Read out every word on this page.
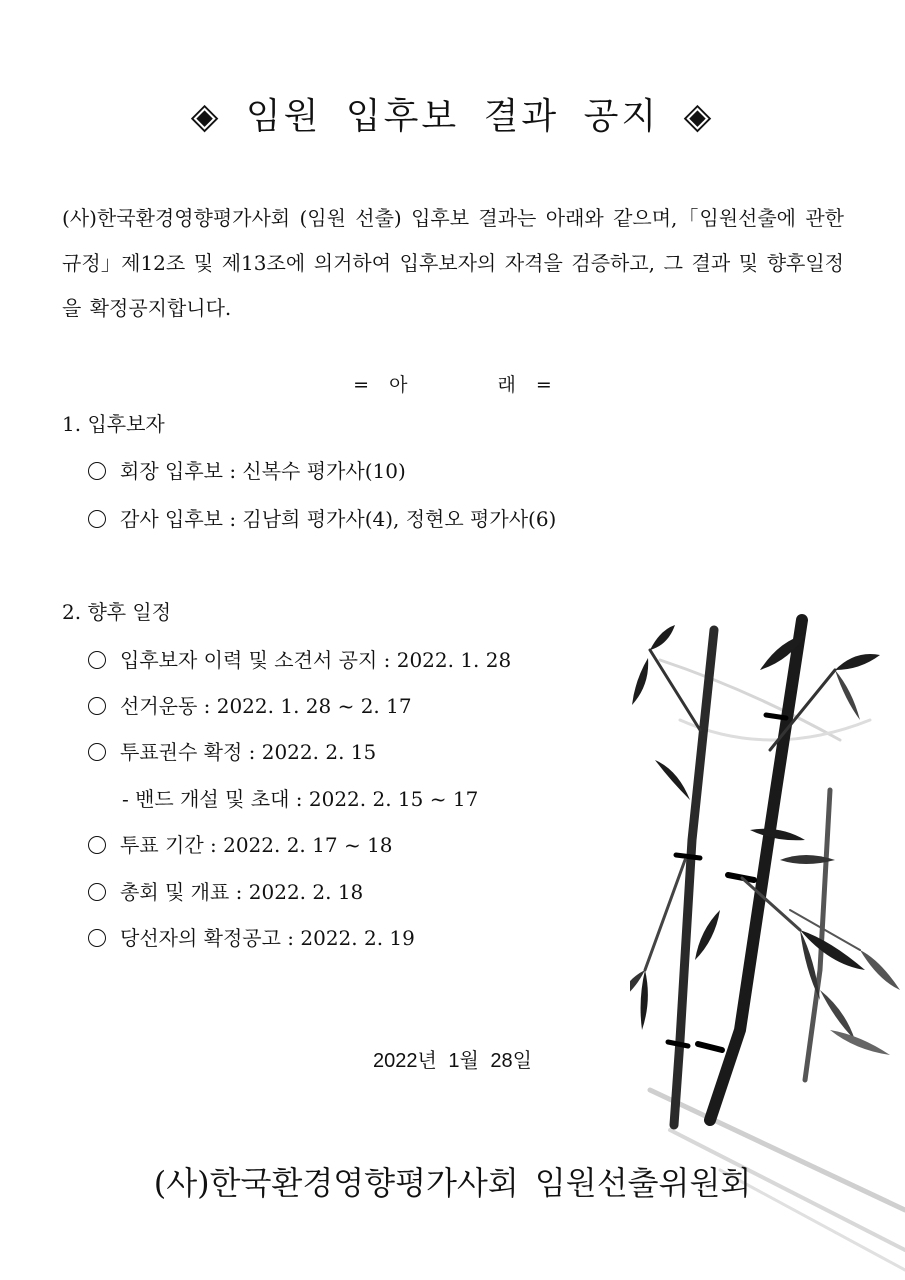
◈ 임원 입후보 결과 공지 ◈
(사)한국환경영향평가사회 (임원 선출) 입후보 결과는 아래와 같으며,「임원선출에 관한 규정」제12조 및 제13조에 의거하여 입후보자의 자격을 검증하고, 그 결과 및 향후일정을 확정공지합니다.
= 아	래 =
1. 입후보자
회장 입후보 : 신복수 평가사(10)
감사 입후보 : 김남희 평가사(4), 정현오 평가사(6)
2. 향후 일정
입후보자 이력 및 소견서 공지 : 2022. 1. 28
선거운동 : 2022. 1. 28 ~ 2. 17
투표권수 확정 : 2022. 2. 15
- 밴드 개설 및 초대 : 2022. 2. 15 ~ 17
투표 기간 : 2022. 2. 17 ~ 18
총회 및 개표 : 2022. 2. 18
당선자의 확정공고 : 2022. 2. 19
2022년 1월 28일
(사)한국환경영향평가사회 임원선출위원회
